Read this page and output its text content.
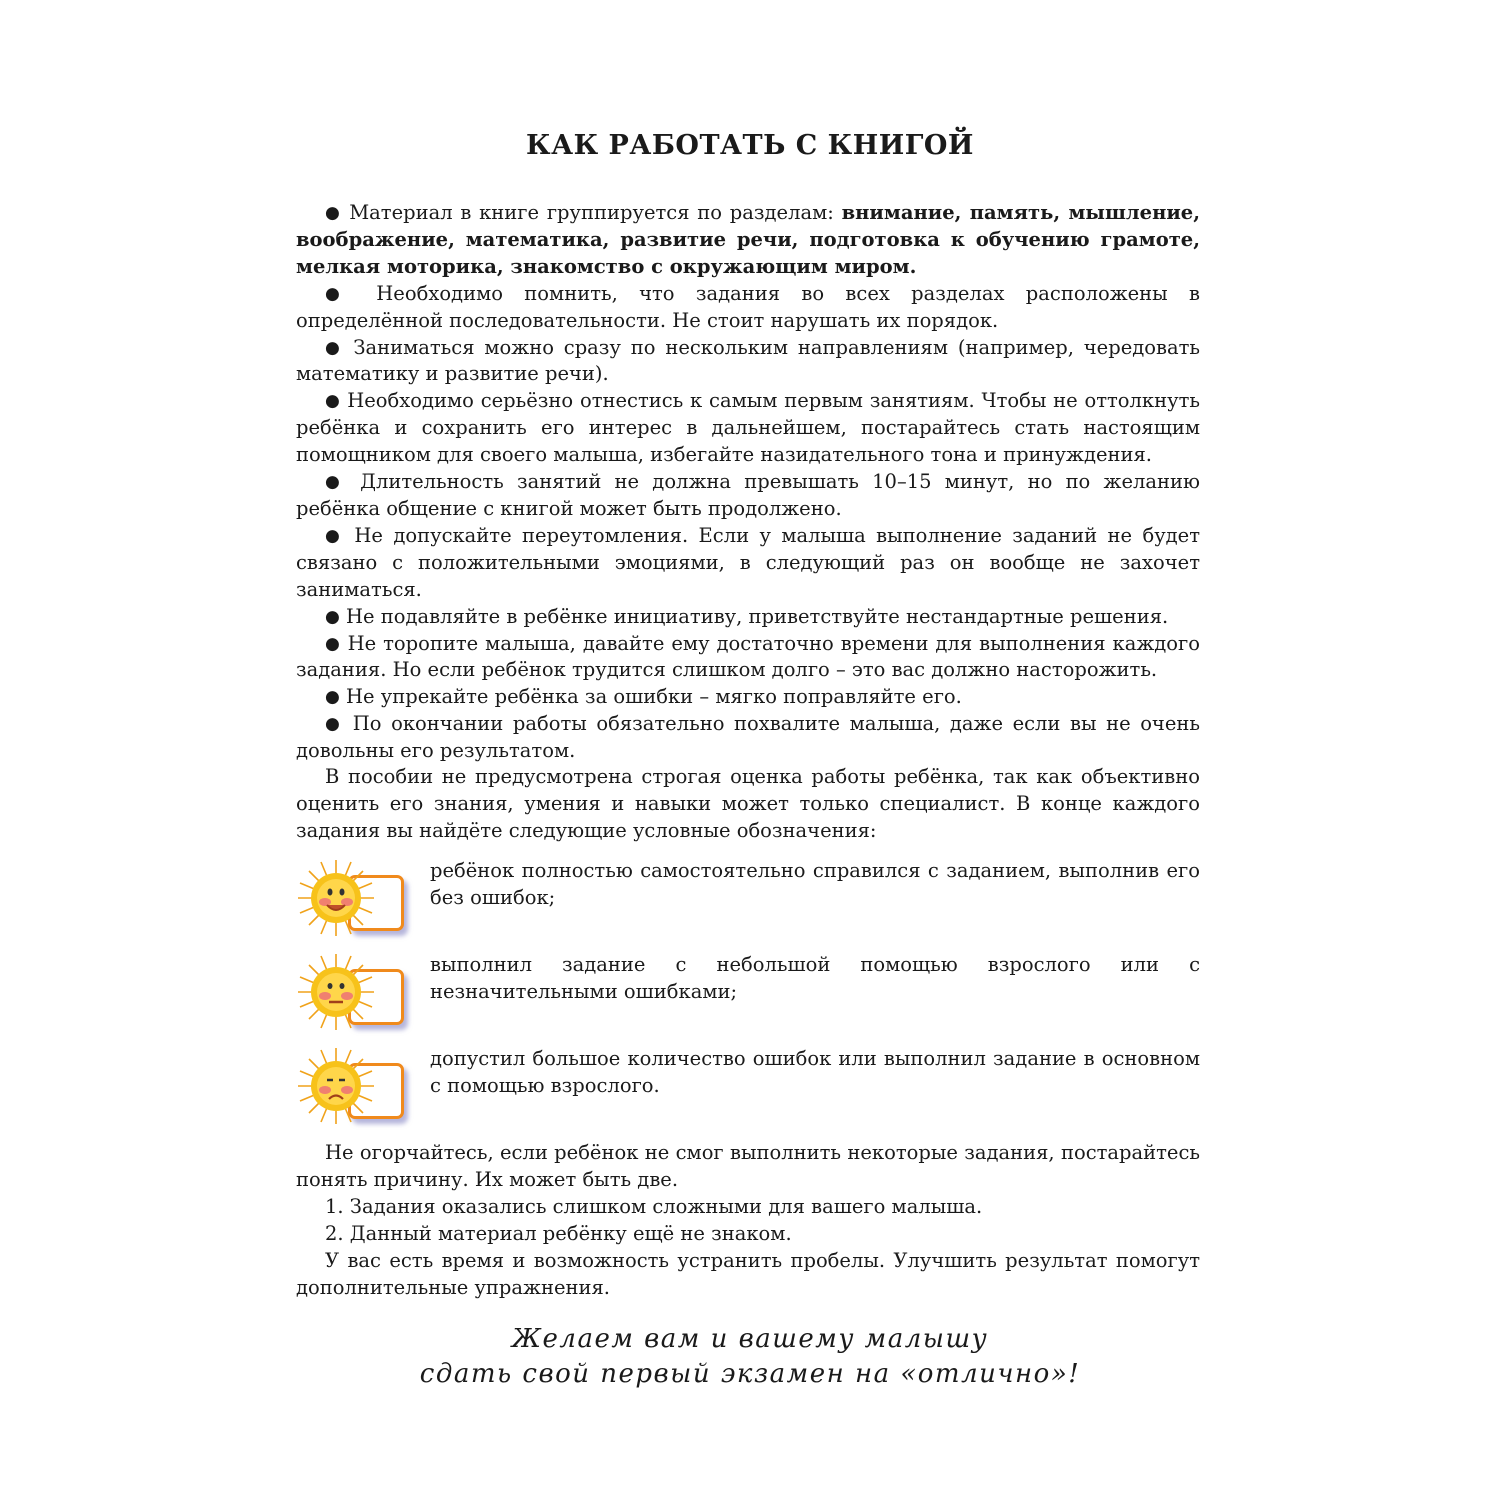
КАК РАБОТАТЬ С КНИГОЙ

● Материал в книге группируется по разделам: внимание, память, мышление, воображение, математика, развитие речи, подготовка к обучению грамоте, мелкая моторика, знакомство с окружающим миром.

● Необходимо помнить, что задания во всех разделах расположены в определённой последовательности. Не стоит нарушать их порядок.

● Заниматься можно сразу по нескольким направлениям (например, чередовать математику и развитие речи).

● Необходимо серьёзно отнестись к самым первым занятиям. Чтобы не оттолкнуть ребёнка и сохранить его интерес в дальнейшем, постарайтесь стать настоящим помощником для своего малыша, избегайте назидательного тона и принуждения.

● Длительность занятий не должна превышать 10–15 минут, но по желанию ребёнка общение с книгой может быть продолжено.

● Не допускайте переутомления. Если у малыша выполнение заданий не будет связано с положительными эмоциями, в следующий раз он вообще не захочет заниматься.

● Не подавляйте в ребёнке инициативу, приветствуйте нестандартные решения.

● Не торопите малыша, давайте ему достаточно времени для выполнения каждого задания. Но если ребёнок трудится слишком долго – это вас должно насторожить.

● Не упрекайте ребёнка за ошибки – мягко поправляйте его.

● По окончании работы обязательно похвалите малыша, даже если вы не очень довольны его результатом.

В пособии не предусмотрена строгая оценка работы ребёнка, так как объективно оценить его знания, умения и навыки может только специалист. В конце каждого задания вы найдёте следующие условные обозначения:

ребёнок полностью самостоятельно справился с заданием, выполнив его без ошибок;

выполнил задание с небольшой помощью взрослого или с незначительными ошибками;

допустил большое количество ошибок или выполнил задание в основном с помощью взрослого.

Не огорчайтесь, если ребёнок не смог выполнить некоторые задания, постарайтесь понять причину. Их может быть две.

1. Задания оказались слишком сложными для вашего малыша.

2. Данный материал ребёнку ещё не знаком.

У вас есть время и возможность устранить пробелы. Улучшить результат помогут дополнительные упражнения.

Желаем вам и вашему малышу
сдать свой первый экзамен на «отлично»!
